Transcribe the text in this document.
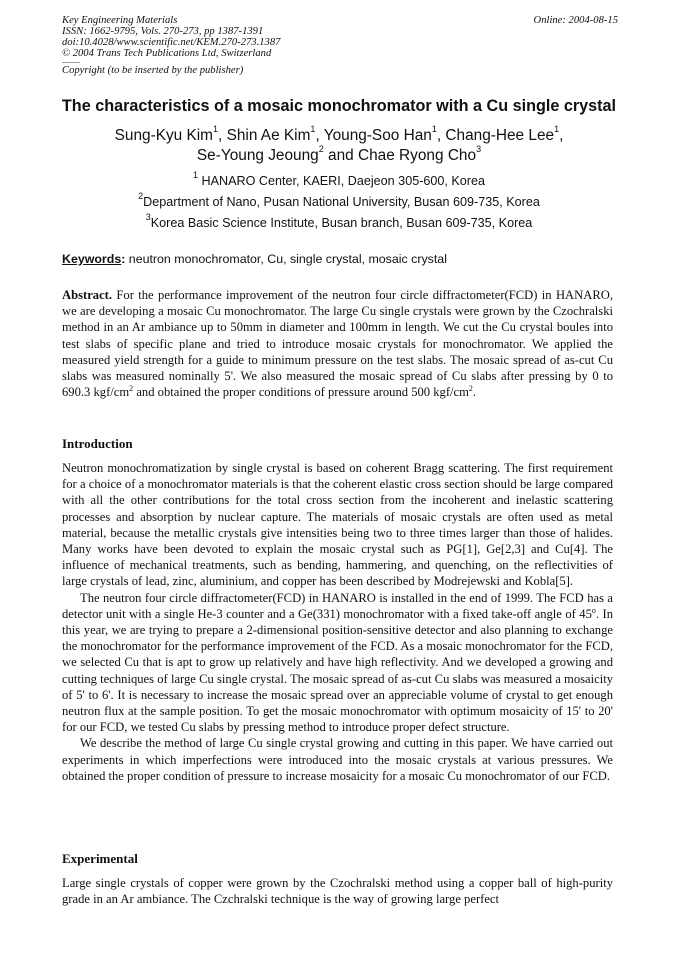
Key Engineering Materials
ISSN: 1662-9795, Vols. 270-273, pp 1387-1391
doi:10.4028/www.scientific.net/KEM.270-273.1387
© 2004 Trans Tech Publications Ltd, Switzerland
Copyright (to be inserted by the publisher)
Online: 2004-08-15
The characteristics of a mosaic monochromator with a Cu single crystal
Sung-Kyu Kim$^1$, Shin Ae Kim$^1$, Young-Soo Han$^1$, Chang-Hee Lee$^1$,
Se-Young Jeoung$^2$ and Chae Ryong Cho$^3$
$^1$ HANARO Center, KAERI, Daejeon 305-600, Korea
$^2$Department of Nano, Pusan National University, Busan 609-735, Korea
$^3$Korea Basic Science Institute, Busan branch, Busan 609-735, Korea
Keywords: neutron monochromator, Cu, single crystal, mosaic crystal

Abstract. For the performance improvement of the neutron four circle diffractometer(FCD) in HANARO, we are developing a mosaic Cu monochromator. The large Cu single crystals were grown by the Czochralski method in an Ar ambiance up to 50mm in diameter and 100mm in length. We cut the Cu crystal boules into test slabs of specific plane and tried to introduce mosaic crystals for monochromator. We applied the measured yield strength for a guide to minimum pressure on the test slabs. The mosaic spread of as-cut Cu slabs was measured nominally 5'. We also measured the mosaic spread of Cu slabs after pressing by 0 to 690.3 kgf/$cm^2$ and obtained the proper conditions of pressure around 500 kgf/$cm^2$.

Introduction

Neutron monochromatization by single crystal is based on coherent Bragg scattering. The first requirement for a choice of a monochromator materials is that the coherent elastic cross section should be large compared with all the other contributions for the total cross section from the incoherent and inelastic scattering processes and absorption by nuclear capture. The materials of mosaic crystals are often used as metal material, because the metallic crystals give intensities being two to three times larger than those of halides. Many works have been devoted to explain the mosaic crystal such as PG[1], Ge[2,3] and Cu[4]. The influence of mechanical treatments, such as bending, hammering, and quenching, on the reflectivities of large crystals of lead, zinc, aluminium, and copper has been described by Modrejewski and Kobla[5].

The neutron four circle diffractometer(FCD) in HANARO is installed in the end of 1999. The FCD has a detector unit with a single He-3 counter and a Ge(331) monochromator with a fixed take-off angle of 45$^o$. In this year, we are trying to prepare a 2-dimensional position-sensitive detector and also planning to exchange the monochromator for the performance improvement of the FCD. As a mosaic monochromator for the FCD, we selected Cu that is apt to grow up relatively and have high reflectivity. And we developed a growing and cutting techniques of large Cu single crystal. The mosaic spread of as-cut Cu slabs was measured a mosaicity of 5' to 6'. It is necessary to increase the mosaic spread over an appreciable volume of crystal to get enough neutron flux at the sample position. To get the mosaic monochromator with optimum mosaicity of 15' to 20' for our FCD, we tested Cu slabs by pressing method to introduce proper defect structure.

We describe the method of large Cu single crystal growing and cutting in this paper. We have carried out experiments in which imperfections were introduced into the mosaic crystals at various pressures. We obtained the proper condition of pressure to increase mosaicity for a mosaic Cu monochromator of our FCD.

Experimental

Large single crystals of copper were grown by the Czochralski method using a copper ball of high-purity grade in an Ar ambiance. The Czchralski technique is the way of growing large perfect
